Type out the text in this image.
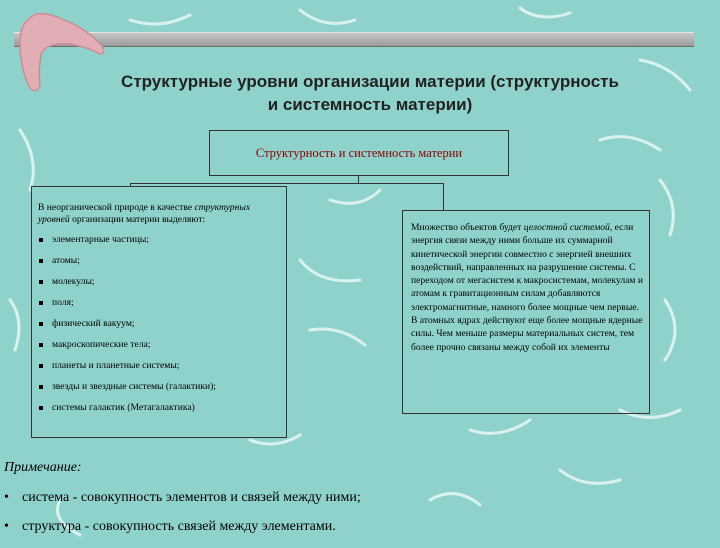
Структурные уровни организации материи (структурность
и системность материи)
Структурность и системность материи

В неорганической природе в качестве структурных уровней организации материи выделяют:

элементарные частицы;
атомы;
молекулы;
поля;
физический вакуум;
макроскопические тела;
планеты и планетные системы;
звезды и звездные системы (галактики);
системы галактик (Метагалактика)
Множество объектов будет целостной системой, если энергия связи между ними больше их суммарной кинетической энергии совместно с энергией внешних воздействий, направленных на разрушение системы. С переходом от мегасистем к макросистемам, молекулам и атомам к гравитационным силам добавляются электромагнитные, намного более мощные чем первые. В атомных ядрах действуют еще более мощные ядерные силы. Чем меньше размеры материальных систем, тем более прочно связаны между собой их элементы
Примечание:
• система - совокупность элементов и связей между ними;
• структура - совокупность связей между элементами.
